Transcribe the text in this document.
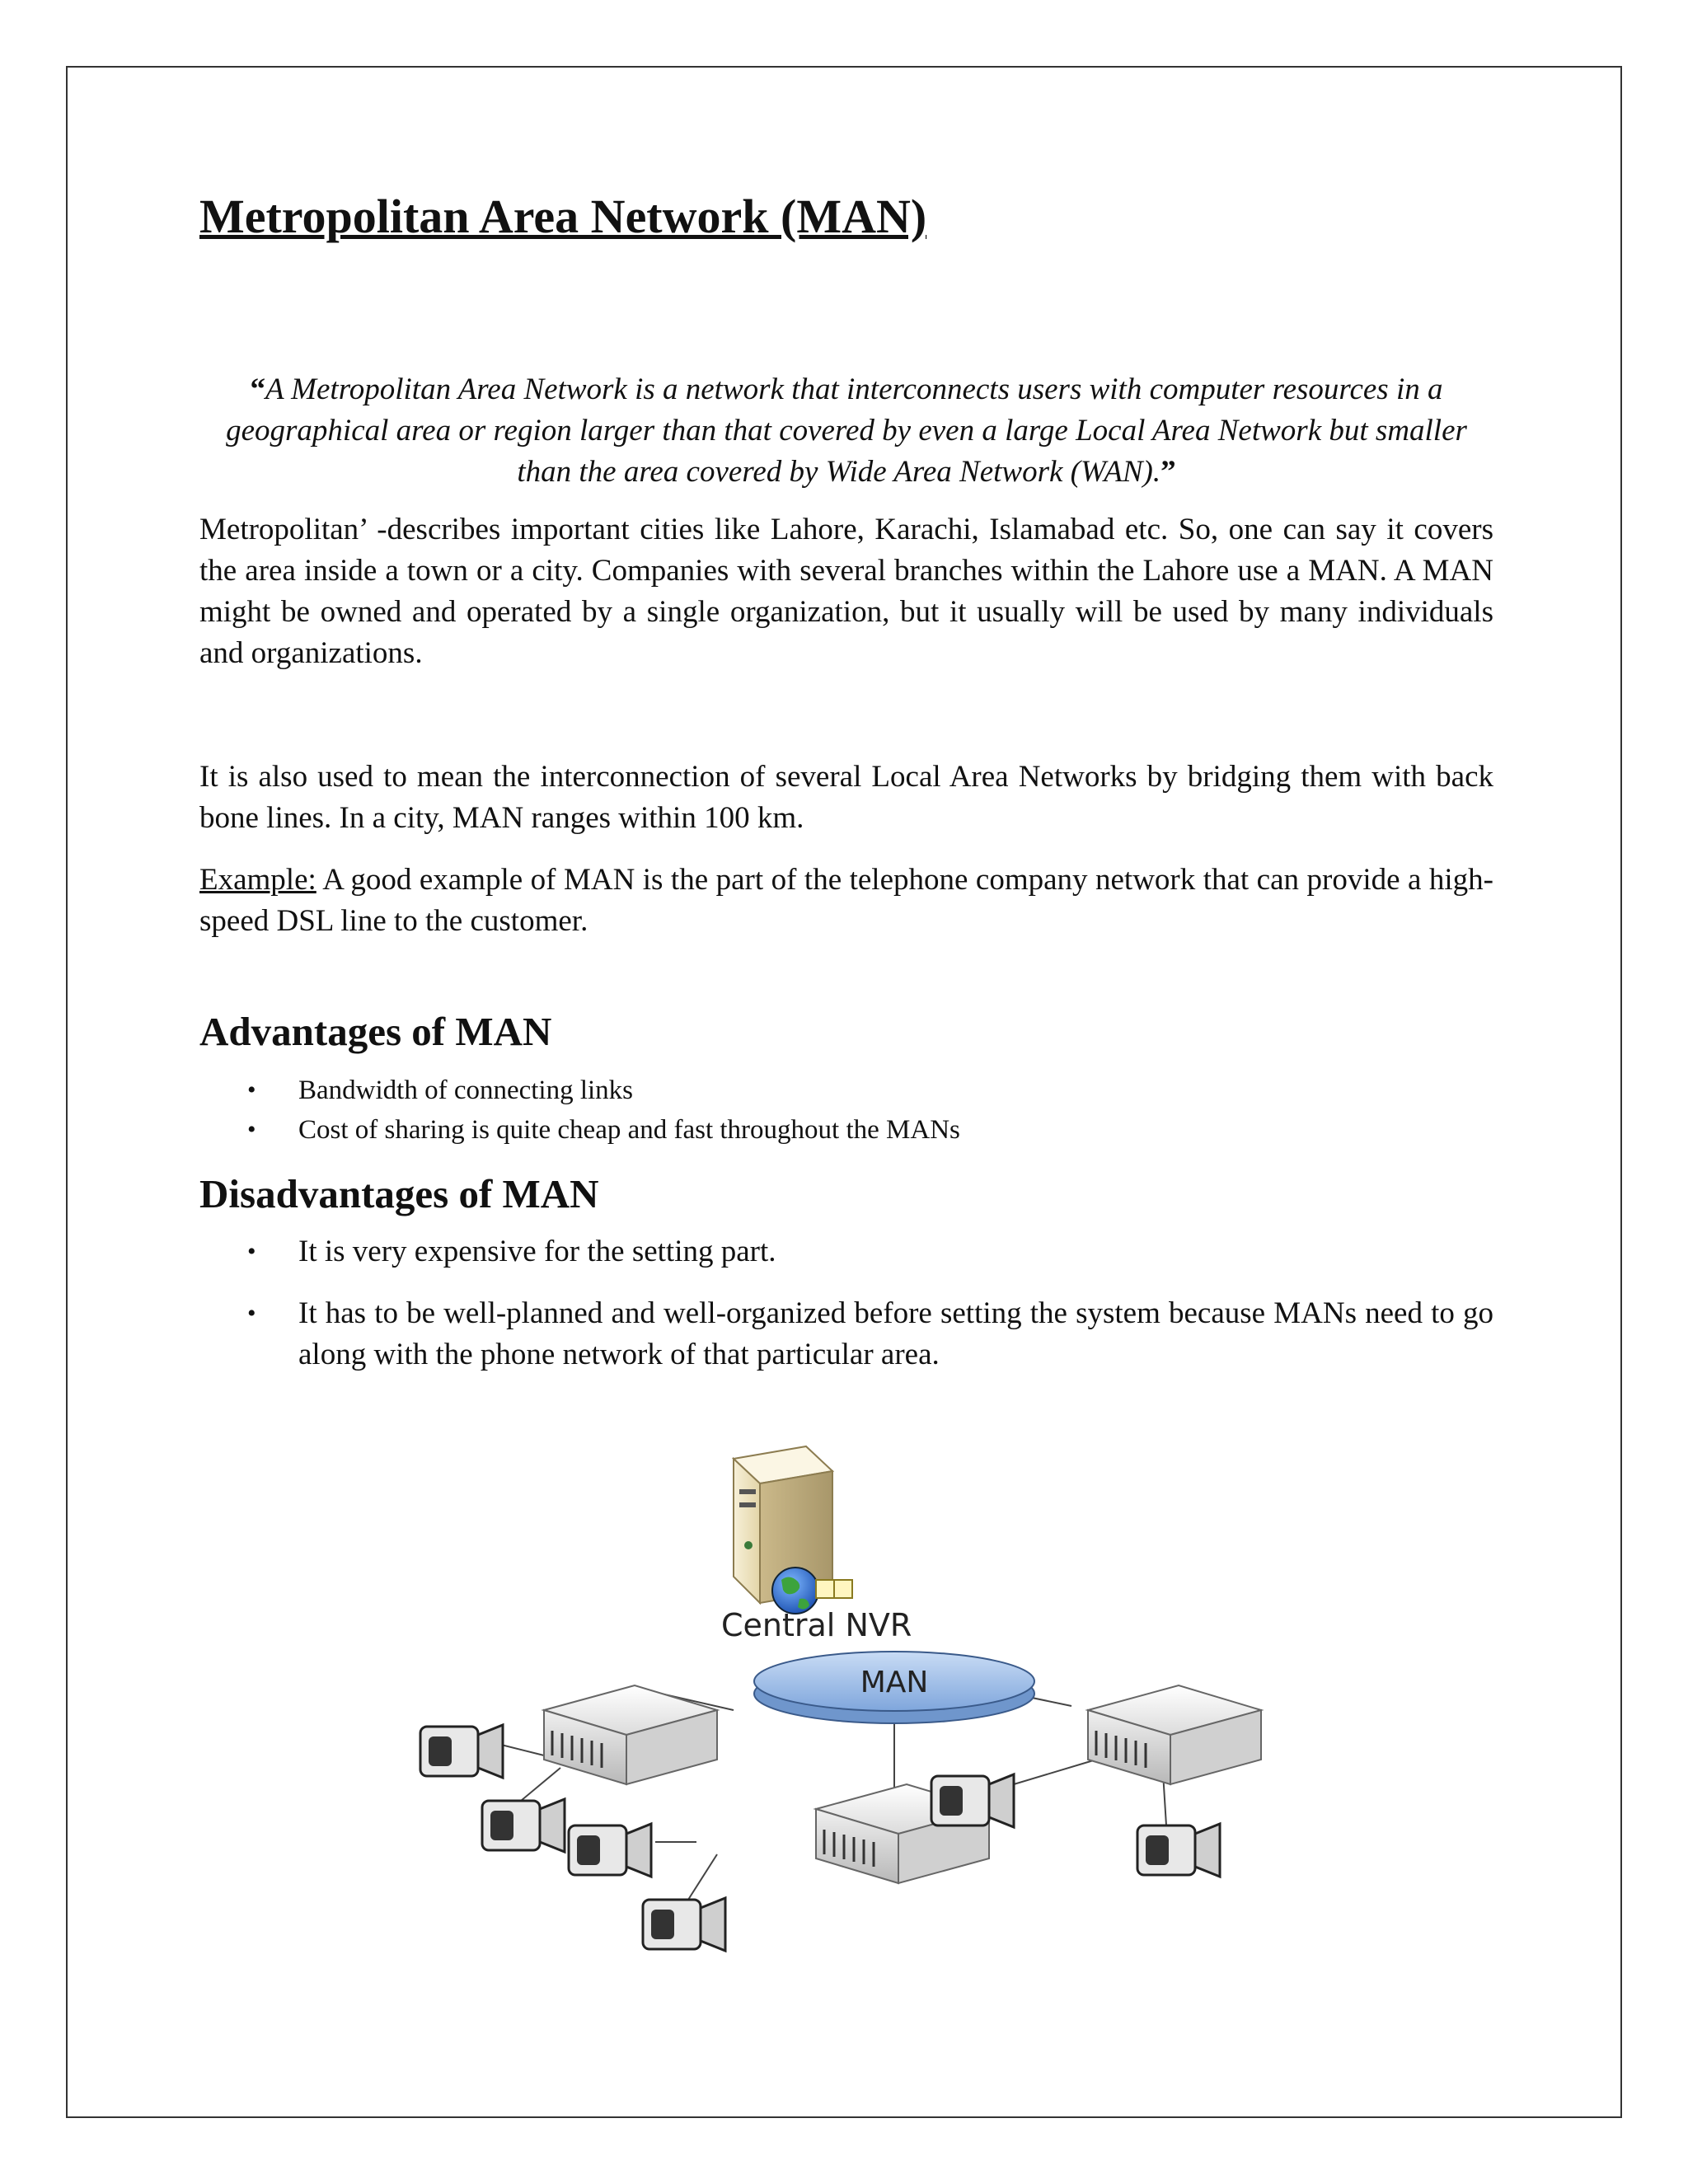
Metropolitan Area Network (MAN)

“A Metropolitan Area Network is a network that interconnects users with computer resources in a geographical area or region larger than that covered by even a large Local Area Network but smaller than the area covered by Wide Area Network (WAN).”

Metropolitan’ -describes important cities like Lahore, Karachi, Islamabad etc. So, one can say it covers the area inside a town or a city. Companies with several branches within the Lahore use a MAN. A MAN might be owned and operated by a single organization, but it usually will be used by many individuals and organizations.

It is also used to mean the interconnection of several Local Area Networks by bridging them with back bone lines. In a city, MAN ranges within 100 km.

Example: A good example of MAN is the part of the telephone company network that can provide a high-speed DSL line to the customer.

Advantages of MAN
• Bandwidth of connecting links
• Cost of sharing is quite cheap and fast throughout the MANs
Disadvantages of MAN
• It is very expensive for the setting part.
• It has to be well-planned and well-organized before setting the system because MANs need to go along with the phone network of that particular area.
Central NVR
MAN
